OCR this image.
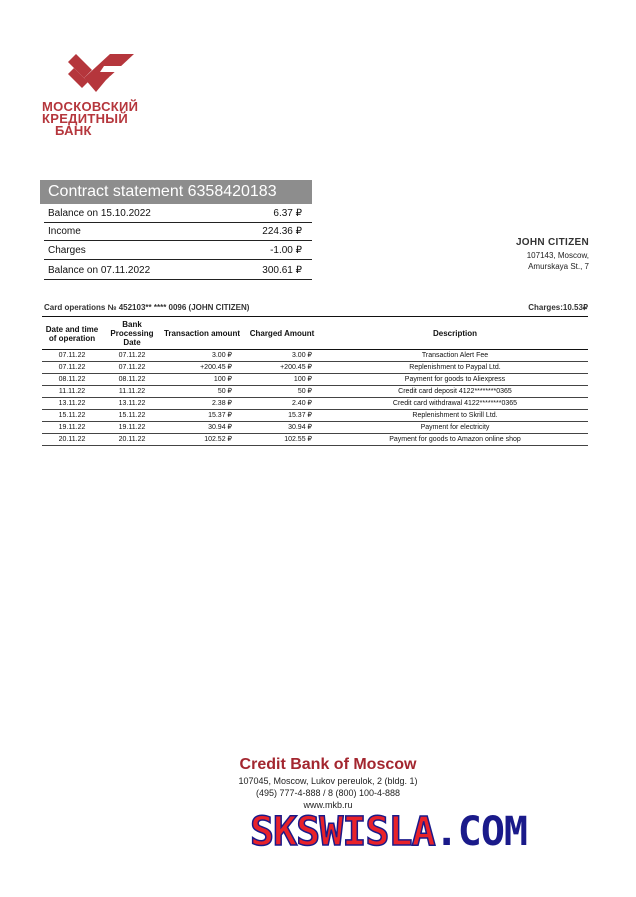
МОСКОВСКИЙ
КРЕДИТНЫЙ
БАНК
Contract statement 6358420183
Balance on 15.10.2022	6.37 ₽
Income	224.36 ₽
Charges	-1.00 ₽
Balance on 07.11.2022	300.61 ₽
JOHN CITIZEN
107143, Moscow,
Amurskaya St., 7
Card operations № 452103** **** 0096 (JOHN CITIZEN)	Charges:10.53₽
Date and time of operation	Bank Processing Date	Transaction amount	Charged Amount	Description
07.11.22	07.11.22	3.00 ₽	3.00 ₽	Transaction Alert Fee
07.11.22	07.11.22	+200.45 ₽	+200.45 ₽	Replenishment to Paypal Ltd.
08.11.22	08.11.22	100 ₽	100 ₽	Payment for goods to Aliexpress
11.11.22	11.11.22	50 ₽	50 ₽	Credit card deposit 4122********0365
13.11.22	13.11.22	2.38 ₽	2.40 ₽	Credit card withdrawal 4122********0365
15.11.22	15.11.22	15.37 ₽	15.37 ₽	Replenishment to Skrill Ltd.
19.11.22	19.11.22	30.94 ₽	30.94 ₽	Payment for electricity
20.11.22	20.11.22	102.52 ₽	102.55 ₽	Payment for goods to Amazon online shop
Credit Bank of Moscow
107045, Moscow, Lukov pereulok, 2 (bldg. 1)
(495) 777-4-888 / 8 (800) 100-4-888
www.mkb.ru
SKSWISLA.COM
